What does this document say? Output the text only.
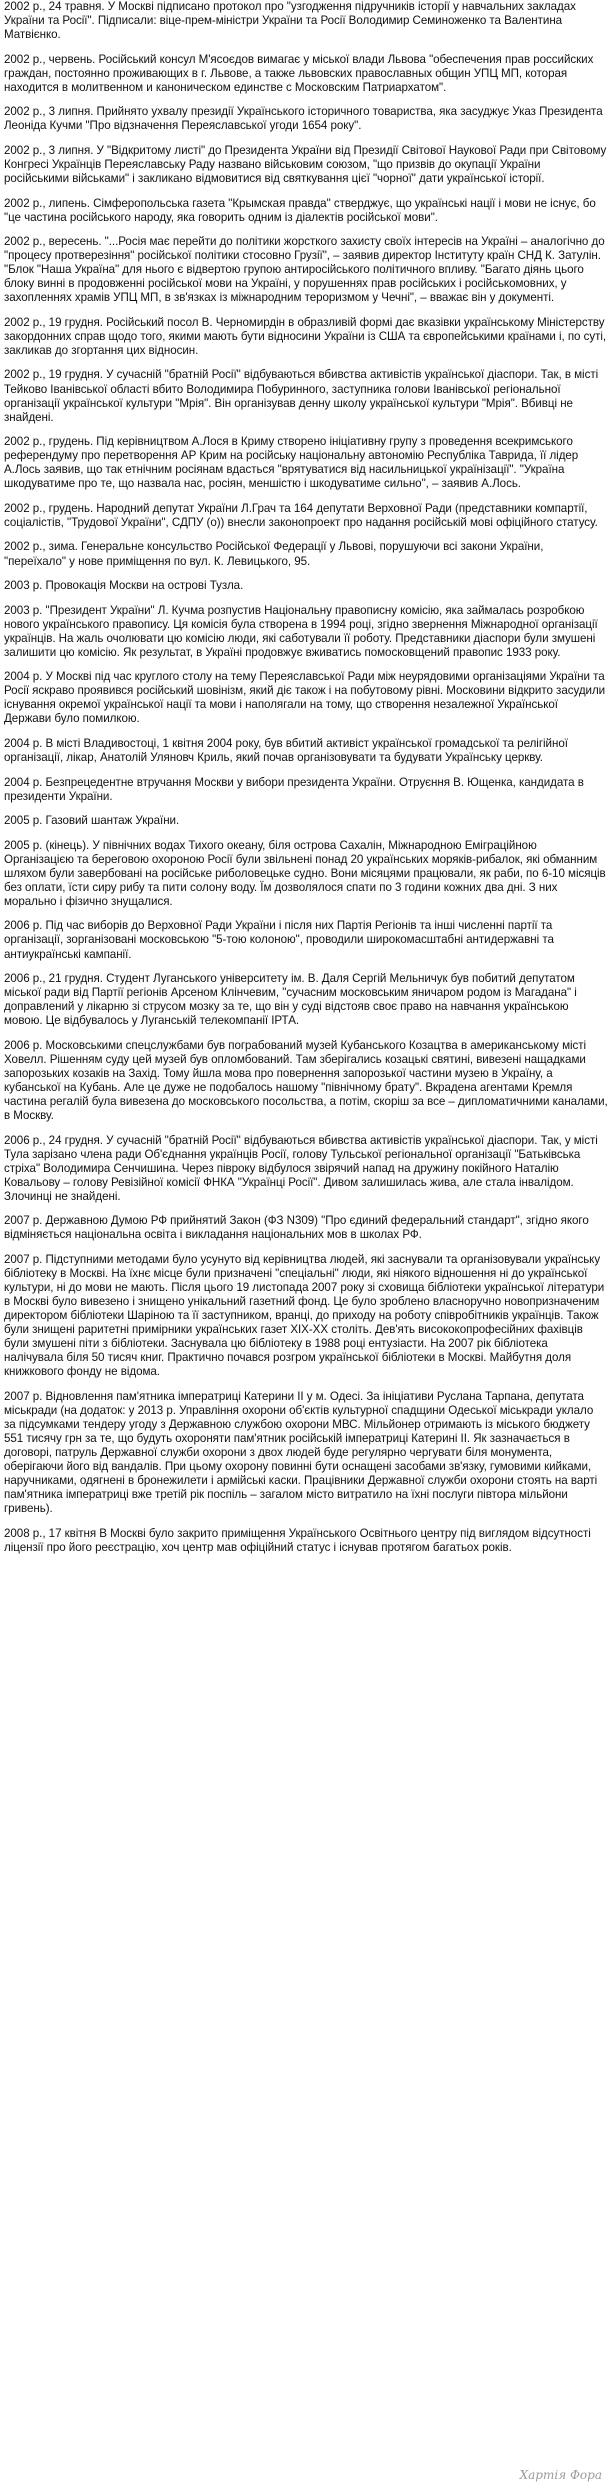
2002 р., 24 травня. У Москві підписано протокол про "узгодження підручників історії у навчальних закладах України та Росії". Підписали: віце-прем-міністри України та Росії Володимир Семиноженко та Валентина Матвієнко.

2002 р., червень. Російський консул М'ясоєдов вимагає у міської влади Львова "обеспечения прав российских граждан, постоянно проживающих в г. Львове, а также львовских православных общин УПЦ МП, которая находится в молитвенном и каноническом единстве с Московским Патриархатом".

2002 р., 3 липня. Прийнято ухвалу президії Українського історичного товариства, яка засуджує Указ Президента Леоніда Кучми "Про відзначення Переяславської угоди 1654 року".

2002 р., 3 липня. У "Відкритому листі" до Президента України від Президії Світової Наукової Ради при Світовому Конгресі Українців Переяславську Раду названо військовим союзом, "що призвів до окупації України російськими військами" і закликано відмовитися від святкування цієї "чорної" дати української історії.

2002 р., липень. Сімферопольська газета "Крымская правда" стверджує, що українські нації і мови не існує, бо "це частина російського народу, яка говорить одним із діалектів російської мови".

2002 р., вересень. "...Росія має перейти до політики жорсткого захисту своїх інтересів на Україні – аналогічно до "процесу протверезіння" російської політики стосовно Грузії", – заявив директор Інституту країн СНД К. Затулін. "Блок "Наша Україна" для нього є відвертою групою антиросійського політичного впливу. "Багато діянь цього блоку винні в продовженні російської мови на Україні, у порушеннях прав російських і російськомовних, у захопленнях храмів УПЦ МП, в зв'язках із міжнародним тероризмом у Чечні", – вважає він у документі.

2002 р., 19 грудня. Російський посол В. Черномирдін в образливій формі дає вказівки українському Міністерству закордонних справ щодо того, якими мають бути відносини України із США та європейськими країнами і, по суті, закликав до згортання цих відносин.

2002 р., 19 грудня. У сучасній "братній Росії" відбуваються вбивства активістів української діаспори. Так, в місті Тейково Іванівської області вбито Володимира Побуринного, заступника голови Іванівської регіональної організації української культури "Мрія". Він організував денну школу української культури "Мрія". Вбивці не знайдені.

2002 р., грудень. Під керівництвом А.Лося в Криму створено ініціативну групу з проведення всекримського референдуму про перетворення АР Крим на російську національну автономію Республіка Таврида, її лідер А.Лось заявив, що так етнічним росіянам вдасться "врятуватися від насильницької українізації". "Україна шкодуватиме про те, що назвала нас, росіян, меншістю і шкодуватиме сильно", – заявив А.Лось.

2002 р., грудень. Народний депутат України Л.Грач та 164 депутати Верховної Ради (представники компартії, соціалістів, "Трудової України", СДПУ (о)) внесли законопроект про надання російській мові офіційного статусу.

2002 р., зима. Генеральне консульство Російської Федерації у Львові, порушуючи всі закони України, "переїхало" у нове приміщення по вул. К. Левицького, 95.

2003 р. Провокація Москви на острові Тузла.

2003 р. "Президент України" Л. Кучма розпустив Національну правописну комісію, яка займалась розробкою нового українського правопису. Ця комісія була створена в 1994 році, згідно звернення Міжнародної організації українців. На жаль очолювати цю комісію люди, які саботували її роботу. Представники діаспори були змушені залишити цю комісію. Як результат, в Україні продовжує вживатись помосковщений правопис 1933 року.

2004 р. У Москві під час круглого столу на тему Переяславської Ради між неурядовими організаціями України та Росії яскраво проявився російський шовінізм, який діє також і на побутовому рівні. Московини відкрито засудили існування окремої української нації та мови і наполягали на тому, що створення незалежної Української Держави було помилкою.

2004 р. В місті Владивостоці, 1 квітня 2004 року, був вбитий активіст української громадської та релігійної організації, лікар, Анатолій Уляновч Криль, який почав організовувати та будувати Українську церкву.

2004 р. Безпрецедентне втручання Москви у вибори президента України. Отруєння В. Ющенка, кандидата в президенти України.

2005 р. Газовий шантаж України.

2005 р. (кінець). У північних водах Тихого океану, біля острова Сахалін, Міжнародною Еміграційною Організацією та береговою охороною Росії були звільнені понад 20 українських моряків-рибалок, які обманним шляхом були завербовані на російське риболовецьке судно. Вони місяцями працювали, як раби, по 6-10 місяців без оплати, їсти сиру рибу та пити солону воду. Їм дозволялося спати по 3 години кожних два дні. З них морально і фізично знущалися.

2006 р. Під час виборів до Верховної Ради України і після них Партія Регіонів та інші численні партії та організації, зорганізовані московською "5-тою колоною", проводили широкомасштабні антидержавні та антиукраїнські кампанії.

2006 р., 21 грудня. Студент Луганського університету ім. В. Даля Сергій Мельничук був побитий депутатом міської ради від Партії регіонів Арсеном Клінчевим, "сучасним московським яничаром родом із Магадана" і доправлений у лікарню зі струсом мозку за те, що він у суді відстояв своє право на навчання українською мовою. Це відбувалось у Луганській телекомпанії ІРТА.

2006 р. Московськими спецслужбами був пограбований музей Кубанського Козацтва в американському місті Ховелл. Рішенням суду цей музей був опломбований. Там зберігались козацькі святині, вивезені нащадками запорозьких козаків на Захід. Тому йшла мова про повернення запорозької частини музею в Україну, а кубанської на Кубань. Але це дуже не подобалось нашому "північному брату". Вкрадена агентами Кремля частина регалій була вивезена до московського посольства, а потім, скоріш за все – дипломатичними каналами, в Москву.

2006 р., 24 грудня. У сучасній "братній Росії" відбуваються вбивства активістів української діаспори. Так, у місті Тула зарізано члена ради Об'єднання українців Росії, голову Тульської регіональної організації "Батьківська стріха" Володимира Сенчишина. Через півроку відбулося звірячий напад на дружину покійного Наталію Ковальову – голову Ревізійної комісії ФНКА "Українці Росії". Дивом залишилась жива, але стала інвалідом. Злочинці не знайдені.

2007 р. Державною Думою РФ прийнятий Закон (ФЗ N309) "Про єдиний федеральний стандарт", згідно якого відміняється національна освіта і викладання національних мов в школах РФ.

2007 р. Підступними методами було усунуто від керівництва людей, які заснували та організовували українську бібліотеку в Москві. На їхнє місце були призначені "спеціальні" люди, які ніякого відношення ні до української культури, ні до мови не мають. Після цього 19 листопада 2007 року зі сховища бібліотеки української літератури в Москві було вивезено і знищено унікальний газетний фонд. Це було зроблено власноручно новопризначеним директором бібліотеки Шаріною та її заступником, вранці, до приходу на роботу співробітників українців. Також були знищені раритетні примірники українських газет ХІХ-ХХ століть. Дев'ять висококопрофесійних фахівців були змушені піти з бібліотеки. Заснувала цю бібліотеку в 1988 році ентузіасти. На 2007 рік бібліотека налічувала біля 50 тисяч книг. Практично почався розгром української бібліотеки в Москві. Майбутня доля книжкового фонду не відома.

2007 р. Відновлення пам'ятника імператриці Катерини ІІ у м. Одесі. За ініціативи Руслана Тарпана, депутата міськради (на додаток: у 2013 р. Управління охорони об'єктів культурної спадщини Одеської міськради уклало за підсумками тендеру угоду з Державною службою охорони МВС. Мільйонер отримають із міського бюджету 551 тисячу грн за те, що будуть охороняти пам'ятник російській імператриці Катерині ІІ. Як зазначається в договорі, патруль Державної служби охорони з двох людей буде регулярно чергувати біля монумента, оберігаючи його від вандалів. При цьому охорону повинні бути оснащені засобами зв'язку, гумовими кийками, наручниками, одягнені в бронежилети і армійські каски. Працівники Державної служби охорони стоять на варті пам'ятника імператриці вже третій рік поспіль – загалом місто витратило на їхні послуги півтора мільйони гривень).

2008 р., 17 квітня В Москві було закрито приміщення Українського Освітнього центру під виглядом відсутності ліцензії про його реєстрацію, хоч центр мав офіційний статус і існував протягом багатьох років.

Хартія Фора
